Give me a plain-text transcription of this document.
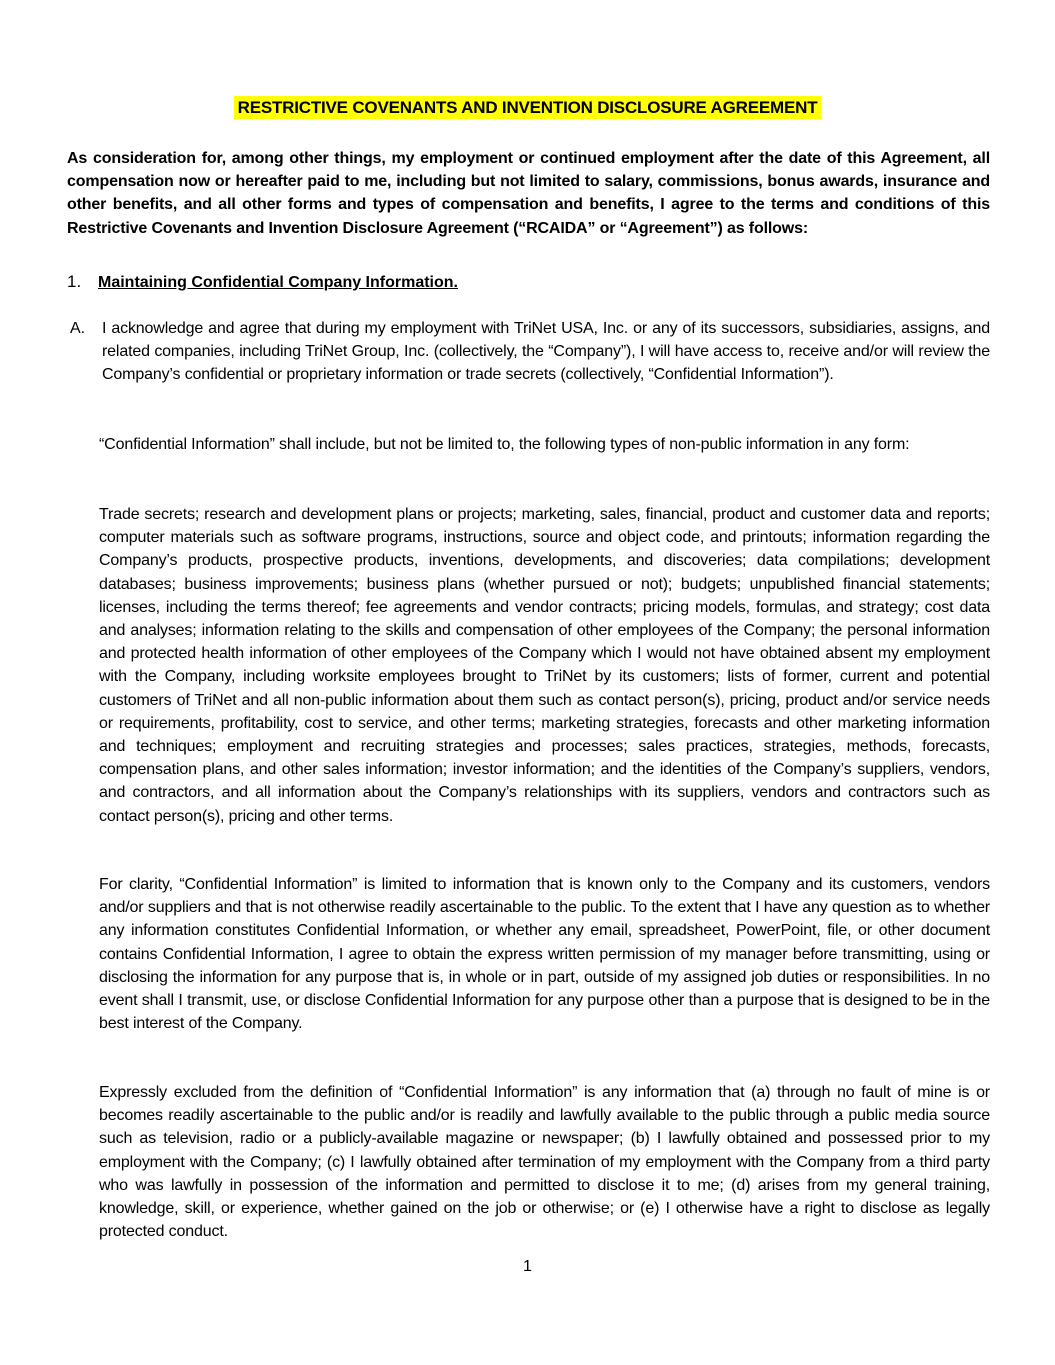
RESTRICTIVE COVENANTS AND INVENTION DISCLOSURE AGREEMENT

As consideration for, among other things, my employment or continued employment after the date of this Agreement, all compensation now or hereafter paid to me, including but not limited to salary, commissions, bonus awards, insurance and other benefits, and all other forms and types of compensation and benefits, I agree to the terms and conditions of this Restrictive Covenants and Invention Disclosure Agreement (“RCAIDA” or “Agreement”) as follows:

1. Maintaining Confidential Company Information.

A. I acknowledge and agree that during my employment with TriNet USA, Inc. or any of its successors, subsidiaries, assigns, and related companies, including TriNet Group, Inc. (collectively, the “Company”), I will have access to, receive and/or will review the Company’s confidential or proprietary information or trade secrets (collectively, “Confidential Information”).

“Confidential Information” shall include, but not be limited to, the following types of non-public information in any form:

Trade secrets; research and development plans or projects; marketing, sales, financial, product and customer data and reports; computer materials such as software programs, instructions, source and object code, and printouts; information regarding the Company’s products, prospective products, inventions, developments, and discoveries; data compilations; development databases; business improvements; business plans (whether pursued or not); budgets; unpublished financial statements; licenses, including the terms thereof; fee agreements and vendor contracts; pricing models, formulas, and strategy; cost data and analyses; information relating to the skills and compensation of other employees of the Company; the personal information and protected health information of other employees of the Company which I would not have obtained absent my employment with the Company, including worksite employees brought to TriNet by its customers; lists of former, current and potential customers of TriNet and all non-public information about them such as contact person(s), pricing, product and/or service needs or requirements, profitability, cost to service, and other terms; marketing strategies, forecasts and other marketing information and techniques; employment and recruiting strategies and processes; sales practices, strategies, methods, forecasts, compensation plans, and other sales information; investor information; and the identities of the Company’s suppliers, vendors, and contractors, and all information about the Company’s relationships with its suppliers, vendors and contractors such as contact person(s), pricing and other terms.

For clarity, “Confidential Information” is limited to information that is known only to the Company and its customers, vendors and/or suppliers and that is not otherwise readily ascertainable to the public. To the extent that I have any question as to whether any information constitutes Confidential Information, or whether any email, spreadsheet, PowerPoint, file, or other document contains Confidential Information, I agree to obtain the express written permission of my manager before transmitting, using or disclosing the information for any purpose that is, in whole or in part, outside of my assigned job duties or responsibilities. In no event shall I transmit, use, or disclose Confidential Information for any purpose other than a purpose that is designed to be in the best interest of the Company.

Expressly excluded from the definition of “Confidential Information” is any information that (a) through no fault of mine is or becomes readily ascertainable to the public and/or is readily and lawfully available to the public through a public media source such as television, radio or a publicly-available magazine or newspaper; (b) I lawfully obtained and possessed prior to my employment with the Company; (c) I lawfully obtained after termination of my employment with the Company from a third party who was lawfully in possession of the information and permitted to disclose it to me; (d) arises from my general training, knowledge, skill, or experience, whether gained on the job or otherwise; or (e) I otherwise have a right to disclose as legally protected conduct.

1
